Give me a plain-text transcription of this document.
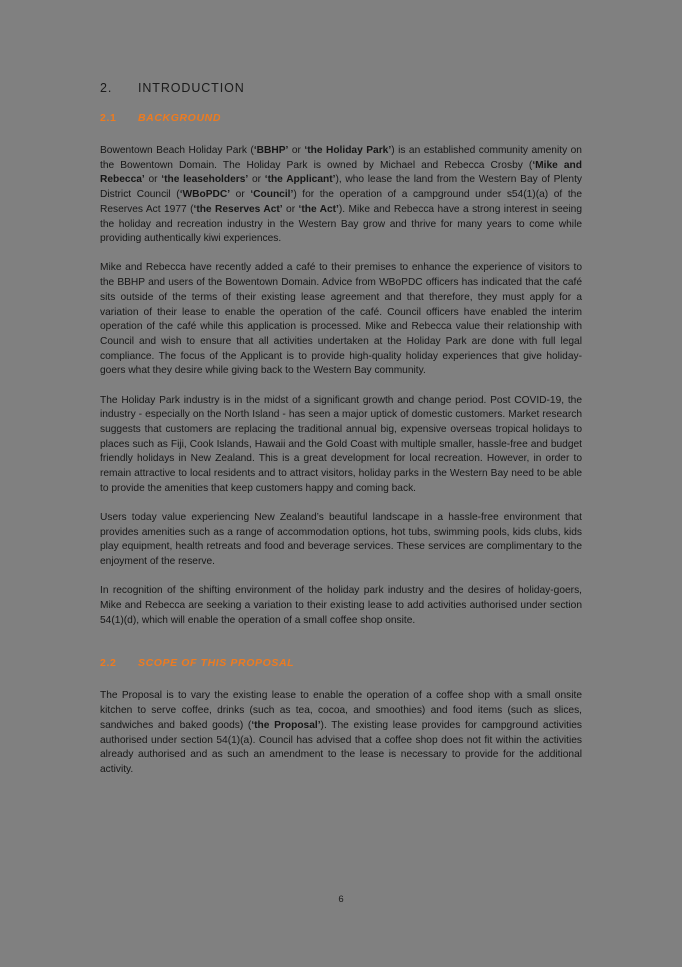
2.	INTRODUCTION
2.1	BACKGROUND

Bowentown Beach Holiday Park (‘BBHP’ or ‘the Holiday Park’) is an established community amenity on the Bowentown Domain. The Holiday Park is owned by Michael and Rebecca Crosby (‘Mike and Rebecca’ or ‘the leaseholders’ or ‘the Applicant’), who lease the land from the Western Bay of Plenty District Council (‘WBoPDC’ or ‘Council’) for the operation of a campground under s54(1)(a) of the Reserves Act 1977 (‘the Reserves Act’ or ‘the Act’). Mike and Rebecca have a strong interest in seeing the holiday and recreation industry in the Western Bay grow and thrive for many years to come while providing authentically kiwi experiences.

Mike and Rebecca have recently added a café to their premises to enhance the experience of visitors to the BBHP and users of the Bowentown Domain. Advice from WBoPDC officers has indicated that the café sits outside of the terms of their existing lease agreement and that therefore, they must apply for a variation of their lease to enable the operation of the café. Council officers have enabled the interim operation of the café while this application is processed. Mike and Rebecca value their relationship with Council and wish to ensure that all activities undertaken at the Holiday Park are done with full legal compliance. The focus of the Applicant is to provide high-quality holiday experiences that give holiday-goers what they desire while giving back to the Western Bay community.

The Holiday Park industry is in the midst of a significant growth and change period. Post COVID-19, the industry - especially on the North Island - has seen a major uptick of domestic customers. Market research suggests that customers are replacing the traditional annual big, expensive overseas tropical holidays to places such as Fiji, Cook Islands, Hawaii and the Gold Coast with multiple smaller, hassle-free and budget friendly holidays in New Zealand. This is a great development for local recreation. However, in order to remain attractive to local residents and to attract visitors, holiday parks in the Western Bay need to be able to provide the amenities that keep customers happy and coming back.

Users today value experiencing New Zealand’s beautiful landscape in a hassle-free environment that provides amenities such as a range of accommodation options, hot tubs, swimming pools, kids clubs, kids play equipment, health retreats and food and beverage services. These services are complimentary to the enjoyment of the reserve.

In recognition of the shifting environment of the holiday park industry and the desires of holiday-goers, Mike and Rebecca are seeking a variation to their existing lease to add activities authorised under section 54(1)(d), which will enable the operation of a small coffee shop onsite.

2.2	SCOPE OF THIS PROPOSAL

The Proposal is to vary the existing lease to enable the operation of a coffee shop with a small onsite kitchen to serve coffee, drinks (such as tea, cocoa, and smoothies) and food items (such as slices, sandwiches and baked goods) (‘the Proposal’). The existing lease provides for campground activities authorised under section 54(1)(a). Council has advised that a coffee shop does not fit within the activities already authorised and as such an amendment to the lease is necessary to provide for the additional activity.

6
